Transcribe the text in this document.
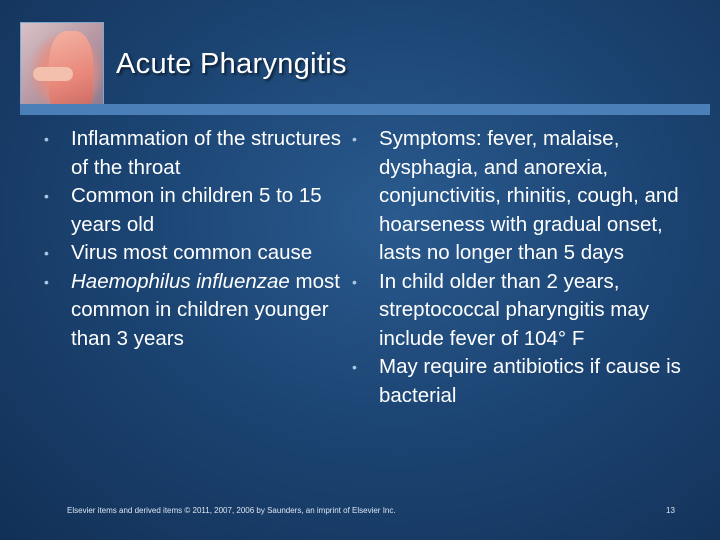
Acute Pharyngitis
• Inflammation of the structures of the throat
• Common in children 5 to 15 years old
• Virus most common cause
• Haemophilus influenzae most common in children younger than 3 years
• Symptoms: fever, malaise, dysphagia, and anorexia, conjunctivitis, rhinitis, cough, and hoarseness with gradual onset, lasts no longer than 5 days
• In child older than 2 years, streptococcal pharyngitis may include fever of 104° F
• May require antibiotics if cause is bacterial
Elsevier items and derived items © 2011, 2007, 2006 by Saunders, an imprint of Elsevier Inc.	13
